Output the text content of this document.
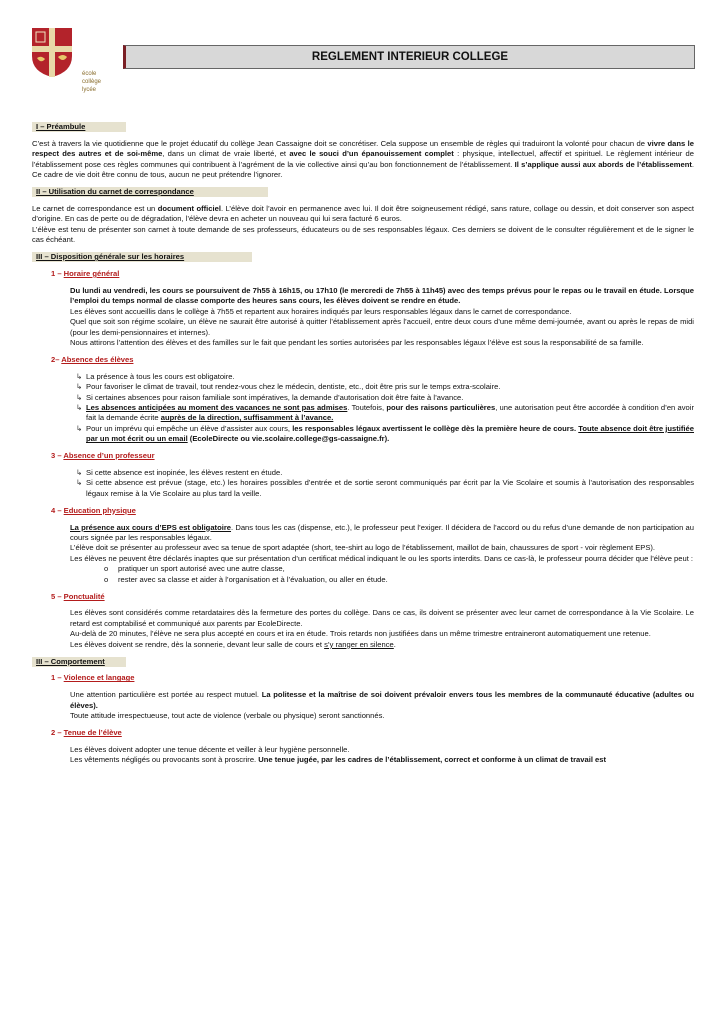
école
collège
lycée
REGLEMENT INTERIEUR COLLEGE
I – Préambule

C’est à travers la vie quotidienne que le projet éducatif du collège Jean Cassaigne doit se concrétiser. Cela suppose un ensemble de règles qui traduiront la volonté pour chacun de vivre dans le respect des autres et de soi-même, dans un climat de vraie liberté, et avec le souci d’un épanouissement complet : physique, intellectuel, affectif et spirituel. Le règlement intérieur de l’établissement pose ces règles communes qui contribuent à l’agrément de la vie collective ainsi qu’au bon fonctionnement de l’établissement. Il s’applique aussi aux abords de l’établissement. Ce cadre de vie doit être connu de tous, aucun ne peut prétendre l’ignorer.

II – Utilisation du carnet de correspondance

Le carnet de correspondance est un document officiel. L’élève doit l’avoir en permanence avec lui. Il doit être soigneusement rédigé, sans rature, collage ou dessin, et doit conserver son aspect d’origine. En cas de perte ou de dégradation, l’élève devra en acheter un nouveau qui lui sera facturé 6 euros.

L’élève est tenu de présenter son carnet à toute demande de ses professeurs, éducateurs ou de ses responsables légaux. Ces derniers se doivent de le consulter régulièrement et de le signer le cas échéant.

III – Disposition générale sur les horaires
1 – Horaire général

Du lundi au vendredi, les cours se poursuivent de 7h55 à 16h15, ou 17h10 (le mercredi de 7h55 à 11h45) avec des temps prévus pour le repas ou le travail en étude. Lorsque l’emploi du temps normal de classe comporte des heures sans cours, les élèves doivent se rendre en étude.

Les élèves sont accueillis dans le collège à 7h55 et repartent aux horaires indiqués par leurs responsables légaux dans le carnet de correspondance.

Quel que soit son régime scolaire, un élève ne saurait être autorisé à quitter l’établissement après l’accueil, entre deux cours d’une même demi-journée, avant ou après le repas de midi (pour les demi-pensionnaires et internes).

Nous attirons l’attention des élèves et des familles sur le fait que pendant les sorties autorisées par les responsables légaux l’élève est sous la responsabilité de sa famille.

2– Absence des élèves

↳ La présence à tous les cours est obligatoire.

↳ Pour favoriser le climat de travail, tout rendez-vous chez le médecin, dentiste, etc., doit être pris sur le temps extra-scolaire.

↳ Si certaines absences pour raison familiale sont impératives, la demande d’autorisation doit être faite à l’avance.

↳ Les absences anticipées au moment des vacances ne sont pas admises. Toutefois, pour des raisons particulières, une autorisation peut être accordée à condition d’en avoir fait la demande écrite auprès de la direction, suffisamment à l’avance.

↳ Pour un imprévu qui empêche un élève d’assister aux cours, les responsables légaux avertissent le collège dès la première heure de cours. Toute absence doit être justifiée par un mot écrit ou un email (EcoleDirecte ou vie.scolaire.college@gs-cassaigne.fr).

3 – Absence d’un professeur

↳ Si cette absence est inopinée, les élèves restent en étude.

↳ Si cette absence est prévue (stage, etc.) les horaires possibles d’entrée et de sortie seront communiqués par écrit par la Vie Scolaire et soumis à l’autorisation des responsables légaux remise à la Vie Scolaire au plus tard la veille.

4 – Education physique

La présence aux cours d’EPS est obligatoire. Dans tous les cas (dispense, etc.), le professeur peut l’exiger. Il décidera de l’accord ou du refus d’une demande de non participation au cours signée par les responsables légaux.

L’élève doit se présenter au professeur avec sa tenue de sport adaptée (short, tee-shirt au logo de l’établissement, maillot de bain, chaussures de sport - voir règlement EPS).

Les élèves ne peuvent être déclarés inaptes que sur présentation d’un certificat médical indiquant le ou les sports interdits. Dans ce cas-là, le professeur pourra décider que l’élève peut :

o pratiquer un sport autorisé avec une autre classe,

o rester avec sa classe et aider à l’organisation et à l’évaluation, ou aller en étude.

5 – Ponctualité

Les élèves sont considérés comme retardataires dès la fermeture des portes du collège. Dans ce cas, ils doivent se présenter avec leur carnet de correspondance à la Vie Scolaire. Le retard est comptabilisé et communiqué aux parents par EcoleDirecte.

Au-delà de 20 minutes, l’élève ne sera plus accepté en cours et ira en étude. Trois retards non justifiées dans un même trimestre entraineront automatiquement une retenue.

Les élèves doivent se rendre, dès la sonnerie, devant leur salle de cours et s’y ranger en silence.

III – Comportement
1 – Violence et langage

Une attention particulière est portée au respect mutuel. La politesse et la maîtrise de soi doivent prévaloir envers tous les membres de la communauté éducative (adultes ou élèves).

Toute attitude irrespectueuse, tout acte de violence (verbale ou physique) seront sanctionnés.

2 – Tenue de l’élève

Les élèves doivent adopter une tenue décente et veiller à leur hygiène personnelle.

Les vêtements négligés ou provocants sont à proscrire. Une tenue jugée, par les cadres de l’établissement, correct et conforme à un climat de travail est
